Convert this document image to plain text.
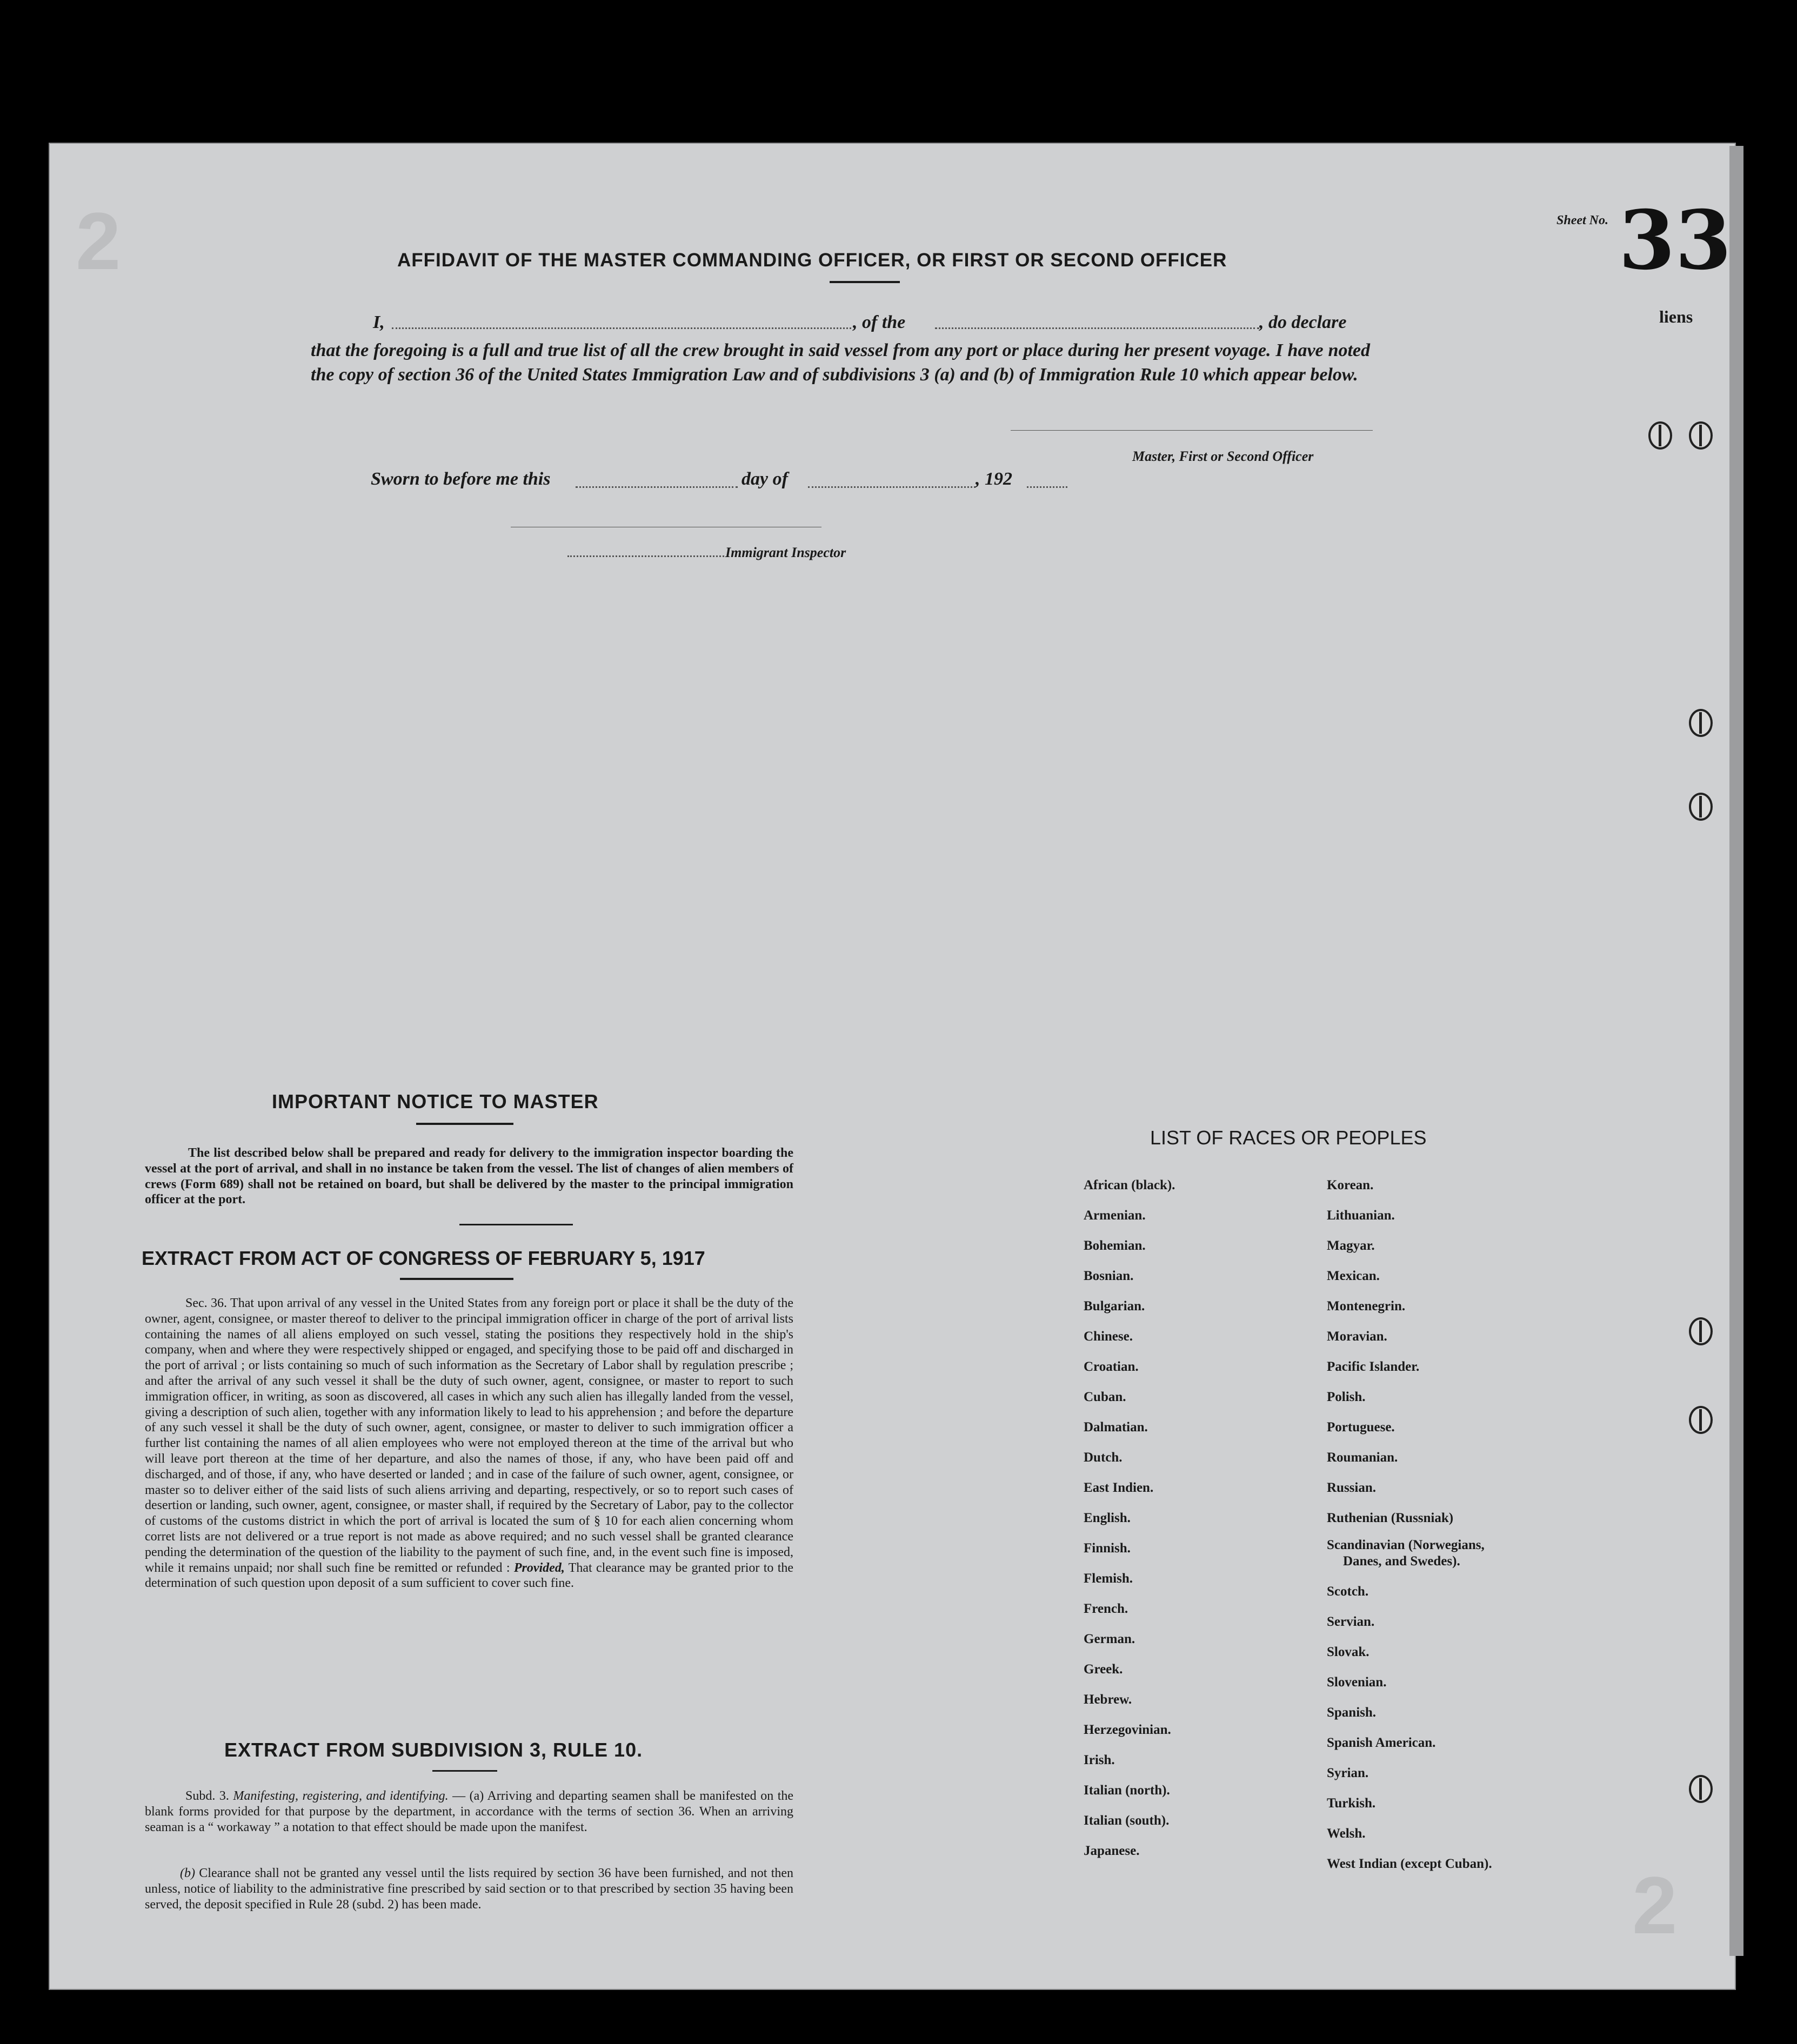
2
2
AFFIDAVIT OF THE MASTER COMMANDING OFFICER, OR FIRST OR SECOND OFFICER
Sheet No. 33
liens
I,	, of the	, do declare
that the foregoing is a full and true list of all the crew brought in said vessel from any port or place during her present voyage. I have noted the copy of section 36 of the United States Immigration Law and of subdivisions 3 (a) and (b) of Immigration Rule 10 which appear below.
Master, First or Second Officer
Sworn to before me this	day of	, 192
Immigrant Inspector
IMPORTANT NOTICE TO MASTER
The list described below shall be prepared and ready for delivery to the immigration inspector boarding the vessel at the port of arrival, and shall in no instance be taken from the vessel. The list of changes of alien members of crews (Form 689) shall not be retained on board, but shall be delivered by the master to the principal immigration officer at the port.
EXTRACT FROM ACT OF CONGRESS OF FEBRUARY 5, 1917
Sec. 36. That upon arrival of any vessel in the United States from any foreign port or place it shall be the duty of the owner, agent, consignee, or master thereof to deliver to the principal immigration officer in charge of the port of arrival lists containing the names of all aliens employed on such vessel, stating the positions they respectively hold in the ship's company, when and where they were respectively shipped or engaged, and specifying those to be paid off and discharged in the port of arrival ; or lists containing so much of such information as the Secretary of Labor shall by regulation prescribe ; and after the arrival of any such vessel it shall be the duty of such owner, agent, consignee, or master to report to such immigration officer, in writing, as soon as discovered, all cases in which any such alien has illegally landed from the vessel, giving a description of such alien, together with any information likely to lead to his apprehension ; and before the departure of any such vessel it shall be the duty of such owner, agent, consignee, or master to deliver to such immigration officer a further list containing the names of all alien employees who were not employed thereon at the time of the arrival but who will leave port thereon at the time of her departure, and also the names of those, if any, who have been paid off and discharged, and of those, if any, who have deserted or landed ; and in case of the failure of such owner, agent, consignee, or master so to deliver either of the said lists of such aliens arriving and departing, respectively, or so to report such cases of desertion or landing, such owner, agent, consignee, or master shall, if required by the Secretary of Labor, pay to the collector of customs of the customs district in which the port of arrival is located the sum of § 10 for each alien concerning whom corret lists are not delivered or a true report is not made as above required; and no such vessel shall be granted clearance pending the determination of the question of the liability to the payment of such fine, and, in the event such fine is imposed, while it remains unpaid; nor shall such fine be remitted or refunded : Provided, That clearance may be granted prior to the determination of such question upon deposit of a sum sufficient to cover such fine.
EXTRACT FROM SUBDIVISION 3, RULE 10.
Subd. 3. Manifesting, registering, and identifying. — (a) Arriving and departing seamen shall be manifested on the blank forms provided for that purpose by the department, in accordance with the terms of section 36. When an arriving seaman is a “ workaway ” a notation to that effect should be made upon the manifest.
(b) Clearance shall not be granted any vessel until the lists required by section 36 have been furnished, and not then unless, notice of liability to the administrative fine prescribed by said section or to that prescribed by section 35 having been served, the deposit specified in Rule 28 (subd. 2) has been made.
LIST OF RACES OR PEOPLES
African (black).
Armenian.
Bohemian.
Bosnian.
Bulgarian.
Chinese.
Croatian.
Cuban.
Dalmatian.
Dutch.
East Indien.
English.
Finnish.
Flemish.
French.
German.
Greek.
Hebrew.
Herzegovinian.
Irish.
Italian (north).
Italian (south).
Japanese.
Korean.
Lithuanian.
Magyar.
Mexican.
Montenegrin.
Moravian.
Pacific Islander.
Polish.
Portuguese.
Roumanian.
Russian.
Ruthenian (Russniak)
Scandinavian (Norwegians,
Danes, and Swedes).
Scotch.
Servian.
Slovak.
Slovenian.
Spanish.
Spanish American.
Syrian.
Turkish.
Welsh.
West Indian (except Cuban).
